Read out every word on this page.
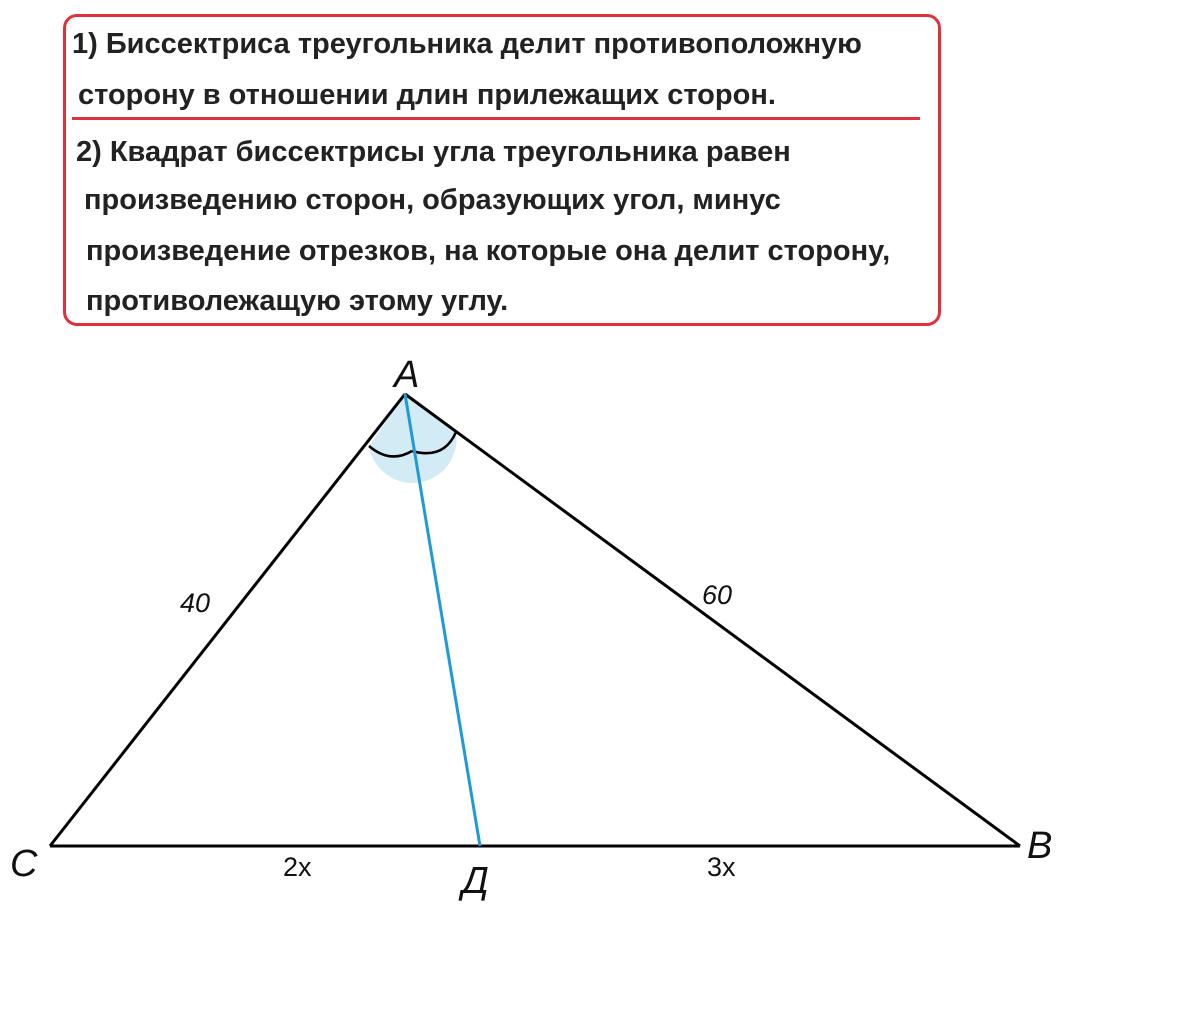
1) Биссектриса треугольника делит противоположную
сторону в отношении длин прилежащих сторон.
2) Квадрат биссектрисы угла треугольника равен
произведению сторон, образующих угол, минус
произведение отрезков, на которые она делит сторону,
противолежащую этому углу.
А
В
С	Д
40	60
2x	3x
